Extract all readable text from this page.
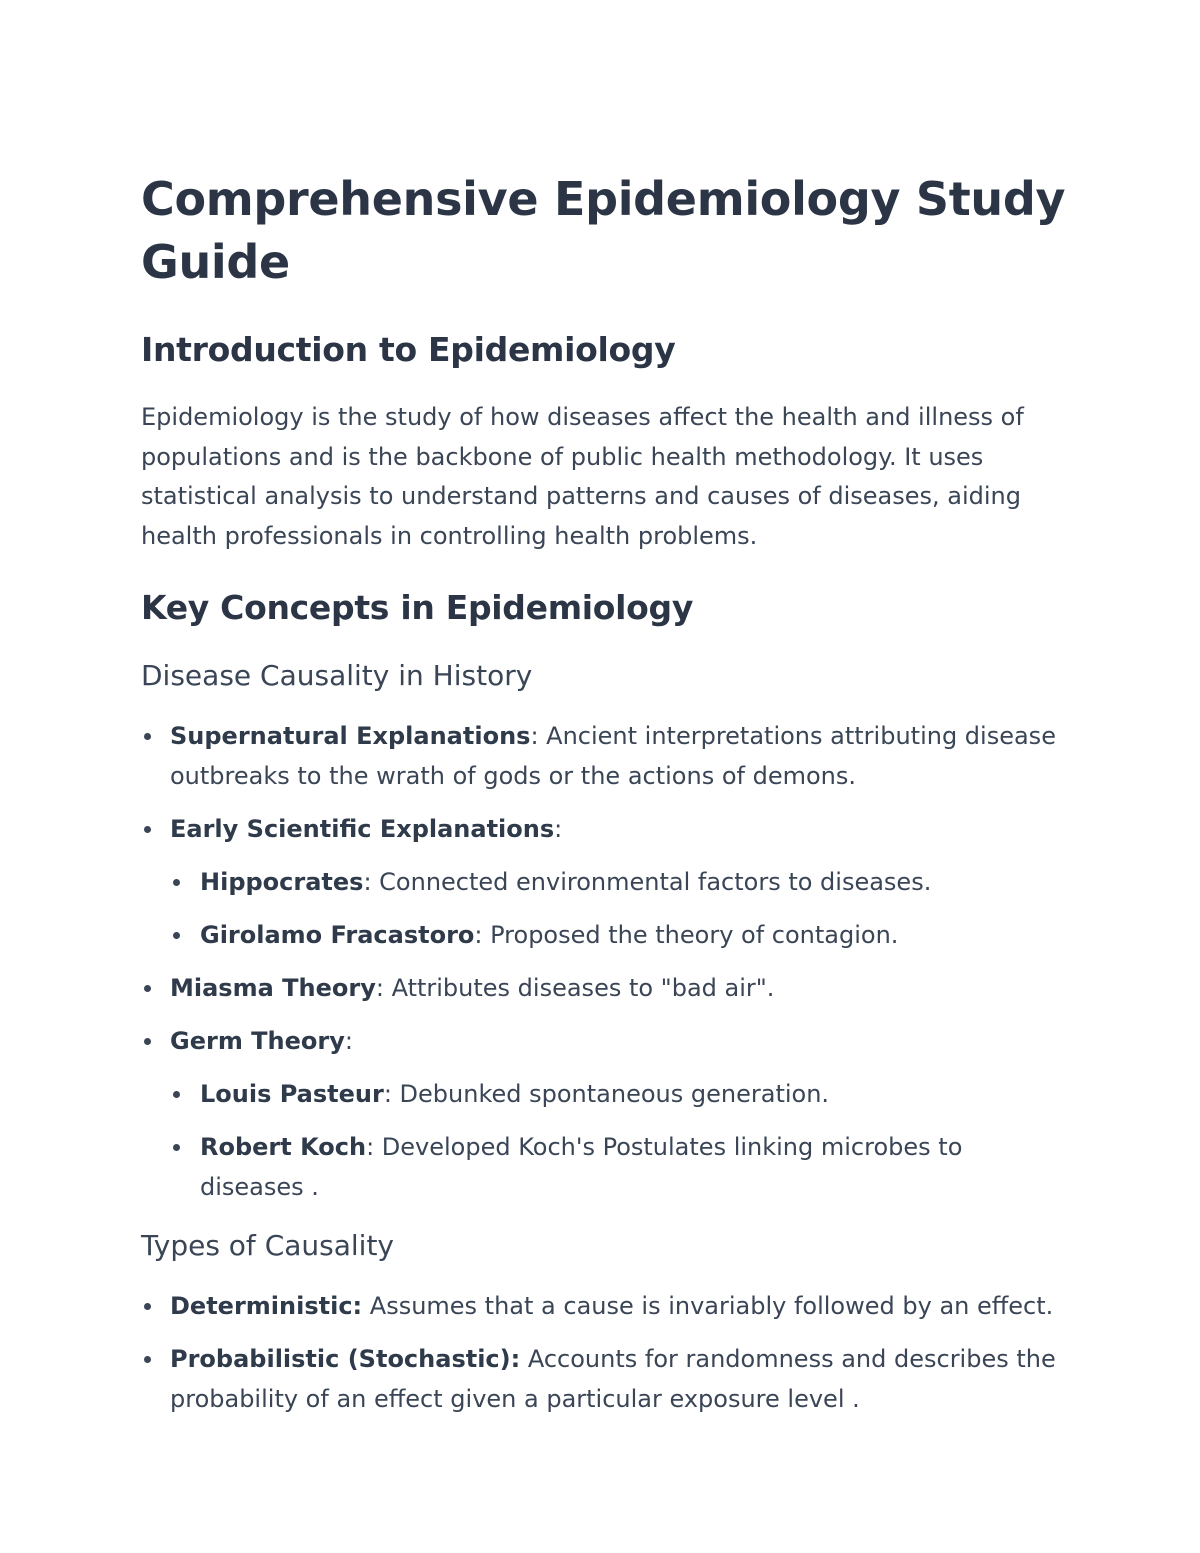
Comprehensive Epidemiology Study Guide
Introduction to Epidemiology

Epidemiology is the study of how diseases affect the health and illness of populations and is the backbone of public health methodology. It uses statistical analysis to understand patterns and causes of diseases, aiding health professionals in controlling health problems.

Key Concepts in Epidemiology
Disease Causality in History
Supernatural Explanations: Ancient interpretations attributing disease outbreaks to the wrath of gods or the actions of demons.
Early Scientific Explanations:
Hippocrates: Connected environmental factors to diseases.
Girolamo Fracastoro: Proposed the theory of contagion.
Miasma Theory: Attributes diseases to "bad air".
Germ Theory:
Louis Pasteur: Debunked spontaneous generation.
Robert Koch: Developed Koch's Postulates linking microbes to diseases .
Types of Causality
Deterministic: Assumes that a cause is invariably followed by an effect.
Probabilistic (Stochastic): Accounts for randomness and describes the probability of an effect given a particular exposure level .
